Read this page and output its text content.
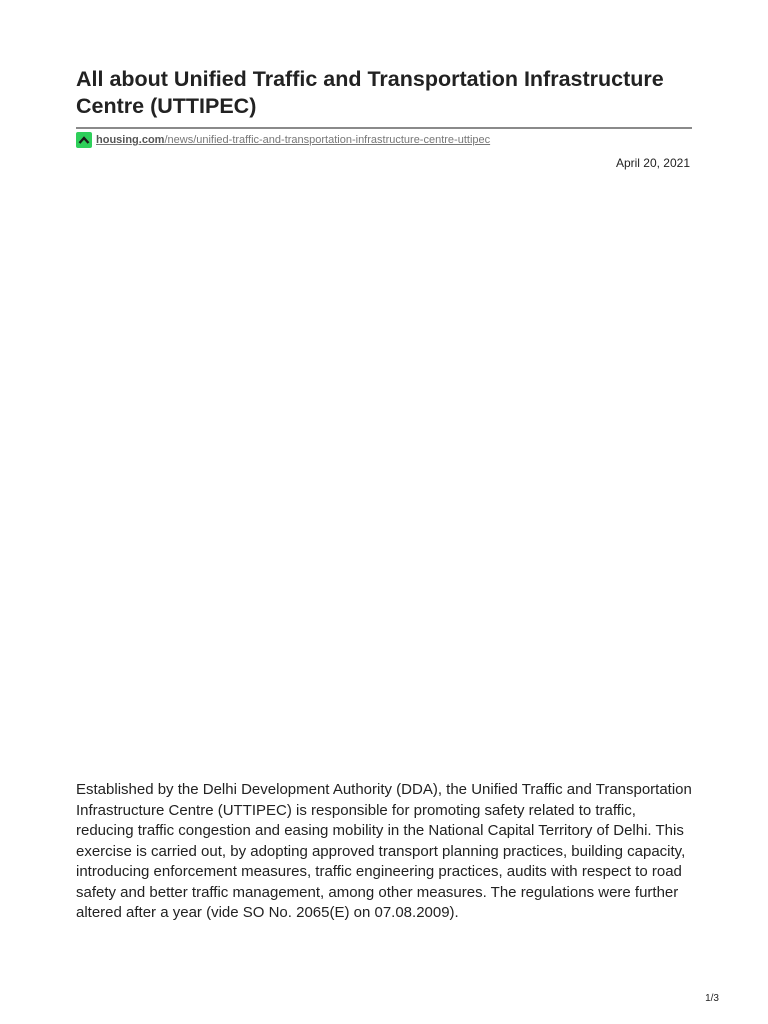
All about Unified Traffic and Transportation Infrastructure Centre (UTTIPEC)
housing.com/news/unified-traffic-and-transportation-infrastructure-centre-uttipec
April 20, 2021

Established by the Delhi Development Authority (DDA), the Unified Traffic and Transportation Infrastructure Centre (UTTIPEC) is responsible for promoting safety related to traffic, reducing traffic congestion and easing mobility in the National Capital Territory of Delhi. This exercise is carried out, by adopting approved transport planning practices, building capacity, introducing enforcement measures, traffic engineering practices, audits with respect to road safety and better traffic management, among other measures. The regulations were further altered after a year (vide SO No. 2065(E) on 07.08.2009).

1/3
